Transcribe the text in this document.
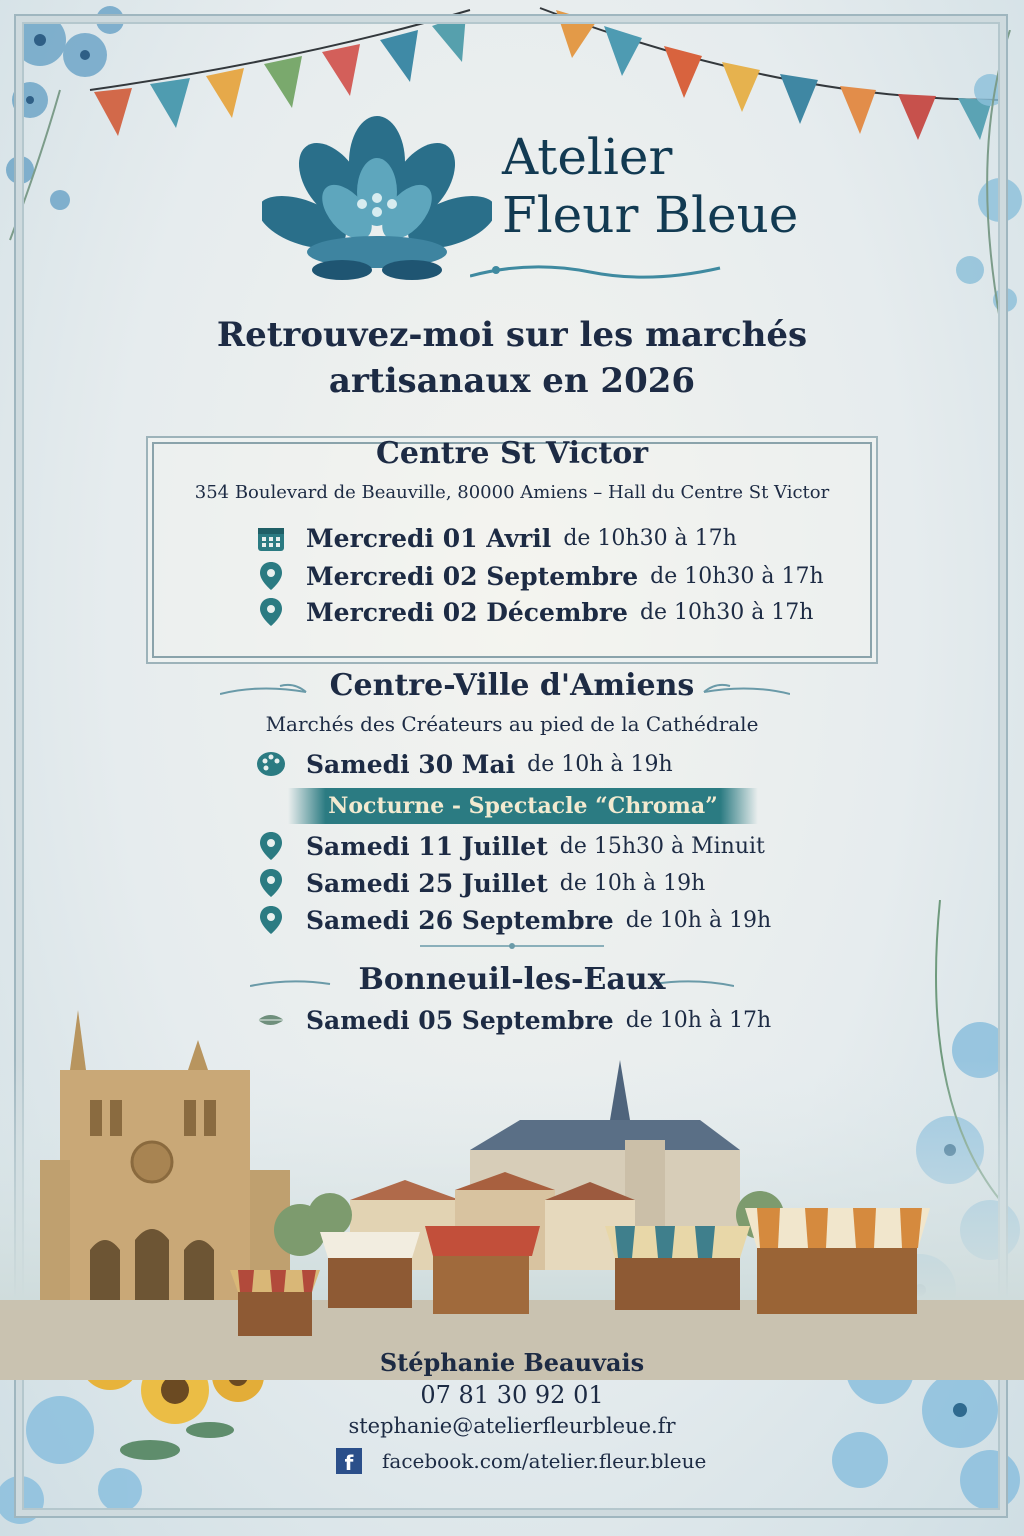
Atelier
Fleur Bleue
Retrouvez-moi sur les marchés
artisanaux en 2026
Centre St Victor
354 Boulevard de Beauville, 80000 Amiens – Hall du Centre St Victor
Mercredi 01 Avril de 10h30 à 17h
Mercredi 02 Septembre de 10h30 à 17h
Mercredi 02 Décembre de 10h30 à 17h
Centre-Ville d'Amiens
Marchés des Créateurs au pied de la Cathédrale
Samedi 30 Mai de 10h à 19h
Nocturne - Spectacle “Chroma”
Samedi 11 Juillet de 15h30 à Minuit
Samedi 25 Juillet de 10h à 19h
Samedi 26 Septembre de 10h à 19h
Bonneuil-les-Eaux
Samedi 05 Septembre de 10h à 17h
Stéphanie Beauvais
07 81 30 92 01
stephanie@atelierfleurbleue.fr
f	facebook.com/atelier.fleur.bleue
